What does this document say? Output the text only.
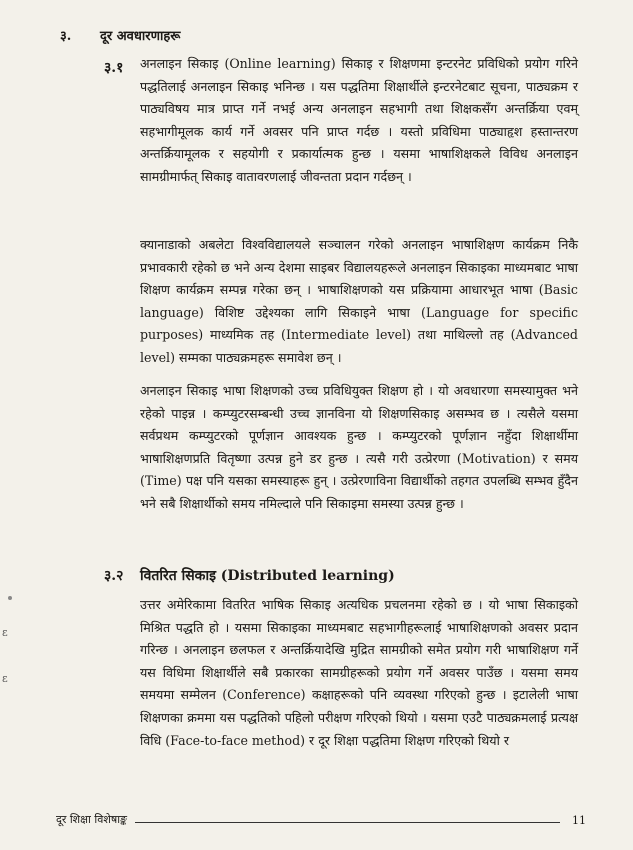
३. दूर अवधारणाहरू
३.१ अनलाइन सिकाइ (Online learning) सिकाइ र शिक्षणमा इन्टरनेट प्रविधिको प्रयोग गरिने पद्धतिलाई अनलाइन सिकाइ भनिन्छ । यस पद्धतिमा शिक्षार्थीले इन्टरनेटबाट सूचना, पाठ्यक्रम र पाठ्यविषय मात्र प्राप्त गर्ने नभई अन्य अनलाइन सहभागी तथा शिक्षकसँग अन्तर्क्रिया एवम् सहभागीमूलक कार्य गर्ने अवसर पनि प्राप्त गर्दछ । यस्तो प्रविधिमा पाठ्याहृश हस्तान्तरण अन्तर्क्रियामूलक र सहयोगी र प्रकार्यात्मक हुन्छ । यसमा भाषाशिक्षकले विविध अनलाइन सामग्रीमार्फत् सिकाइ वातावरणलाई जीवन्तता प्रदान गर्दछन् ।
क्यानाडाको अबलेटा विश्वविद्यालयले सञ्चालन गरेको अनलाइन भाषाशिक्षण कार्यक्रम निकै प्रभावकारी रहेको छ भने अन्य देशमा साइबर विद्यालयहरूले अनलाइन सिकाइका माध्यमबाट भाषा शिक्षण कार्यक्रम सम्पन्न गरेका छन् । भाषाशिक्षणको यस प्रक्रियामा आधारभूत भाषा (Basic language) विशिष्ट उद्देश्यका लागि सिकाइने भाषा (Language for specific purposes) माध्यमिक तह (Intermediate level) तथा माथिल्लो तह (Advanced level) सम्मका पाठ्यक्रमहरू समावेश छन् ।
अनलाइन सिकाइ भाषा शिक्षणको उच्च प्रविधियुक्त शिक्षण हो । यो अवधारणा समस्यामुक्त भने रहेको पाइन्न । कम्प्युटरसम्बन्धी उच्च ज्ञानविना यो शिक्षणसिकाइ असम्भव छ । त्यसैले यसमा सर्वप्रथम कम्प्युटरको पूर्णज्ञान आवश्यक हुन्छ । कम्प्युटरको पूर्णज्ञान नहुँदा शिक्षार्थीमा भाषाशिक्षणप्रति वितृष्णा उत्पन्न हुने डर हुन्छ । त्यसै गरी उत्प्रेरणा (Motivation) र समय (Time) पक्ष पनि यसका समस्याहरू हुन् । उत्प्रेरणाविना विद्यार्थीको तहगत उपलब्धि सम्भव हुँदैन भने सबै शिक्षार्थीको समय नमिल्दाले पनि सिकाइमा समस्या उत्पन्न हुन्छ ।
३.२ वितरित सिकाइ (Distributed learning)
उत्तर अमेरिकामा वितरित भाषिक सिकाइ अत्यधिक प्रचलनमा रहेको छ । यो भाषा सिकाइको मिश्रित पद्धति हो । यसमा सिकाइका माध्यमबाट सहभागीहरूलाई भाषाशिक्षणको अवसर प्रदान गरिन्छ । अनलाइन छलफल र अन्तर्क्रियादेखि मुद्रित सामग्रीको समेत प्रयोग गरी भाषाशिक्षण गर्ने यस विधिमा शिक्षार्थीले सबै प्रकारका सामग्रीहरूको प्रयोग गर्ने अवसर पाउँछ । यसमा समय समयमा सम्मेलन (Conference) कक्षाहरूको पनि व्यवस्था गरिएको हुन्छ । इटालेली भाषा शिक्षणका क्रममा यस पद्धतिको पहिलो परीक्षण गरिएको थियो । यसमा एउटै पाठ्यक्रमलाई प्रत्यक्ष विधि (Face-to-face method) र दूर शिक्षा पद्धतिमा शिक्षण गरिएको थियो र
ε
ε
दूर शिक्षा विशेषाङ्क	11
